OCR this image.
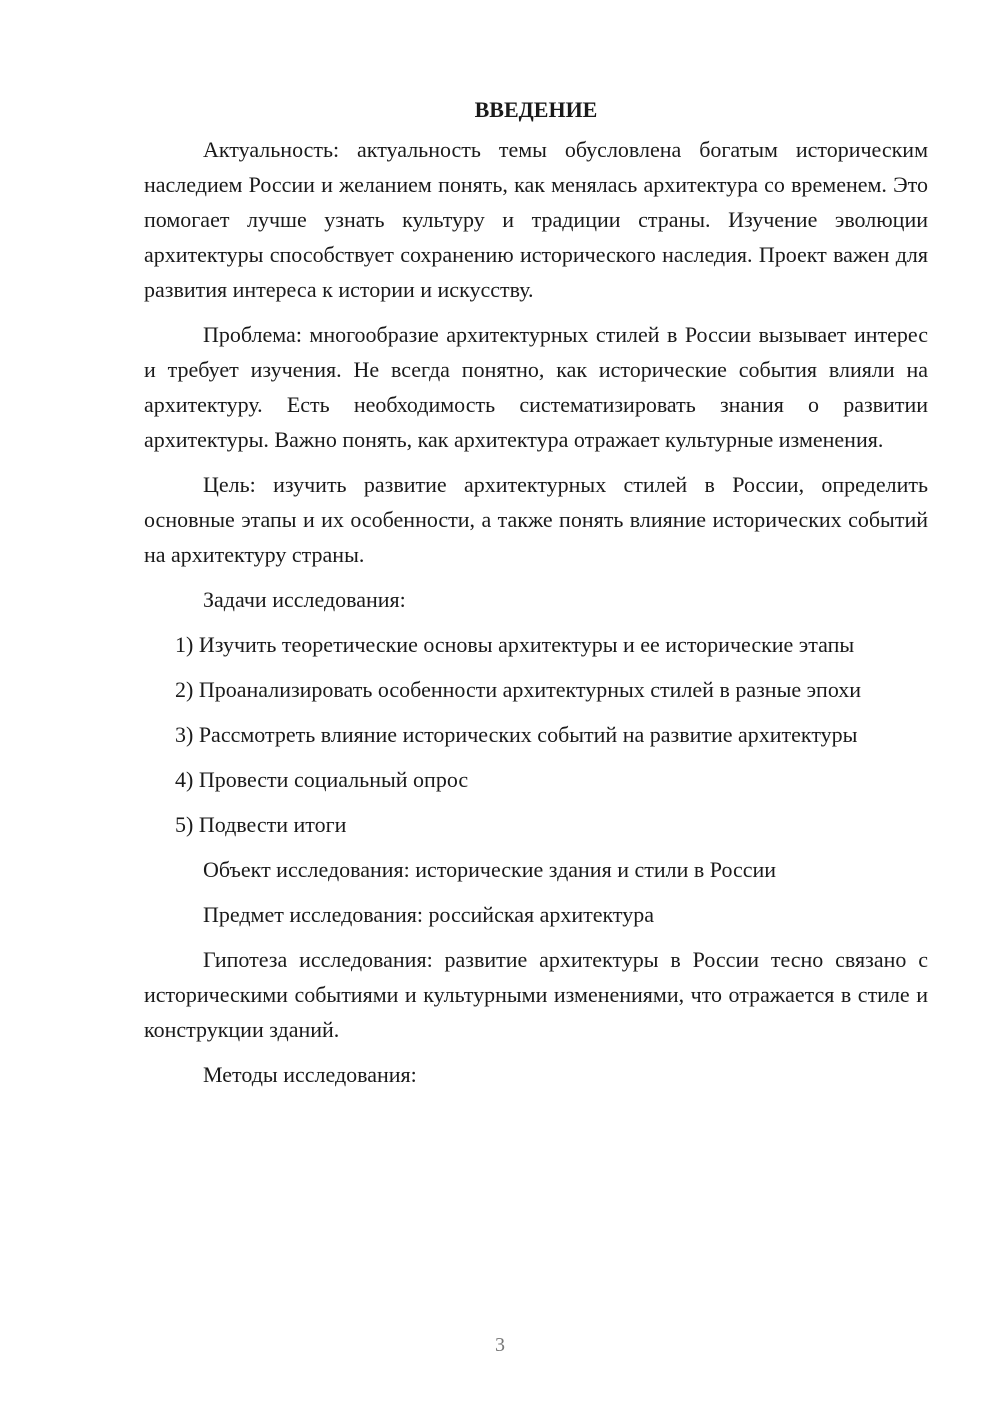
ВВЕДЕНИЕ

Актуальность: актуальность темы обусловлена богатым историческим наследием России и желанием понять, как менялась архитектура со временем. Это помогает лучше узнать культуру и традиции страны. Изучение эволюции архитектуры способствует сохранению исторического наследия. Проект важен для развития интереса к истории и искусству.

Проблема: многообразие архитектурных стилей в России вызывает интерес и требует изучения. Не всегда понятно, как исторические события влияли на архитектуру. Есть необходимость систематизировать знания о развитии архитектуры. Важно понять, как архитектура отражает культурные изменения.

Цель: изучить развитие архитектурных стилей в России, определить основные этапы и их особенности, а также понять влияние исторических событий на архитектуру страны.

Задачи исследования:

1) Изучить теоретические основы архитектуры и ее исторические этапы

2) Проанализировать особенности архитектурных стилей в разные эпохи

3) Рассмотреть влияние исторических событий на развитие архитектуры

4) Провести социальный опрос

5) Подвести итоги

Объект исследования: исторические здания и стили в России

Предмет исследования: российская архитектура

Гипотеза исследования: развитие архитектуры в России тесно связано с историческими событиями и культурными изменениями, что отражается в стиле и конструкции зданий.

Методы исследования:

3
